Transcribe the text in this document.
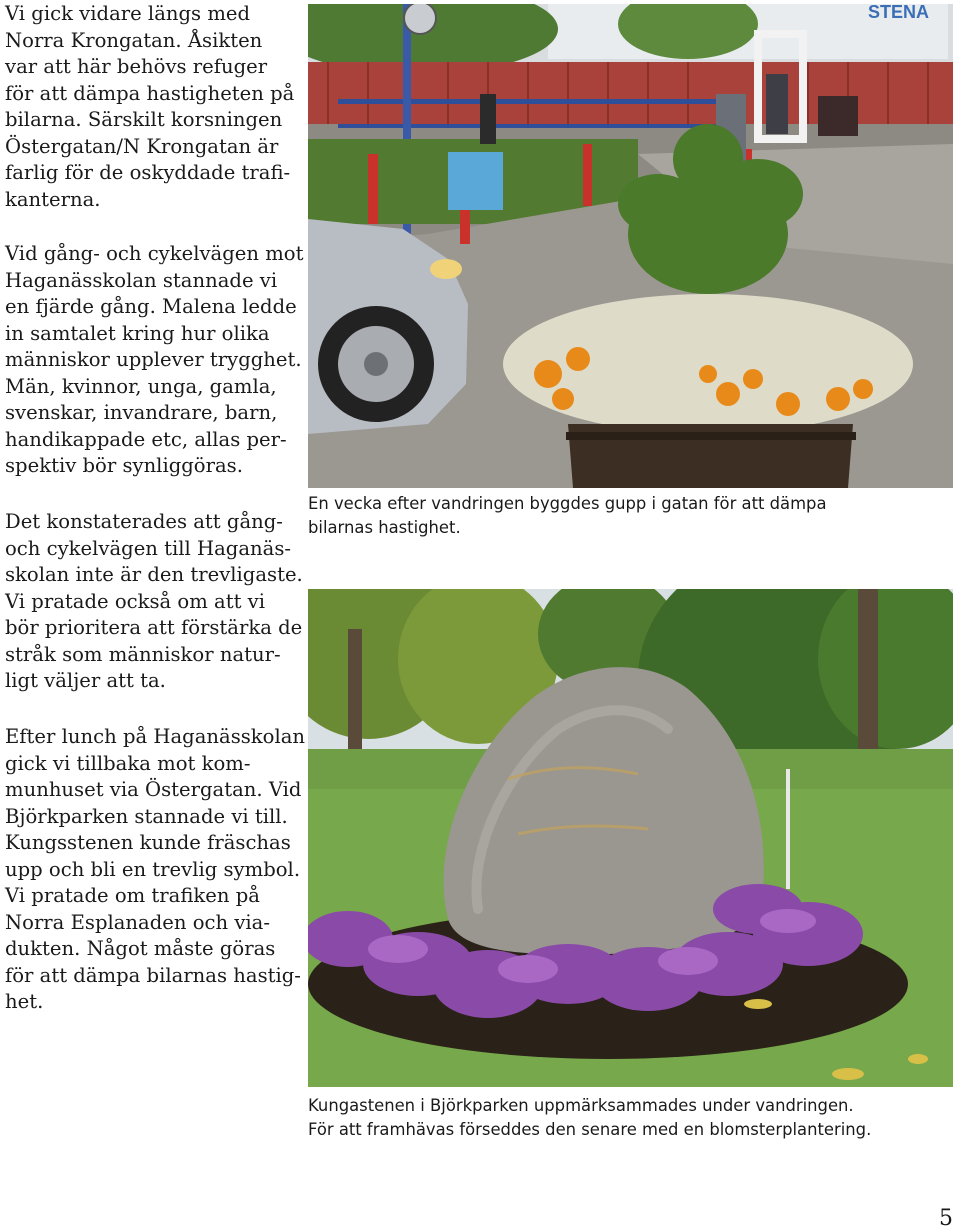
Vi gick vidare längs med
Norra Krongatan. Åsikten
var att här behövs refuger
för att dämpa hastigheten på
bilarna. Särskilt korsningen
Östergatan/N Krongatan är
farlig för de oskyddade trafi-
kanterna.

Vid gång- och cykelvägen mot
Haganässkolan stannade vi
en fjärde gång. Malena ledde
in samtalet kring hur olika
människor upplever trygghet.
Män, kvinnor, unga, gamla,
svenskar, invandrare, barn,
handikappade etc, allas per-
spektiv bör synliggöras.

Det konstaterades att gång-
och cykelvägen till Haganäs-
skolan inte är den trevligaste.
Vi pratade också om att vi
bör prioritera att förstärka de
stråk som människor natur-
ligt väljer att ta.

Efter lunch på Haganässkolan
gick vi tillbaka mot kom-
munhuset via Östergatan. Vid
Björkparken stannade vi till.
Kungsstenen kunde fräschas
upp och bli en trevlig symbol.
Vi pratade om trafiken på
Norra Esplanaden och via-
dukten. Något måste göras
för att dämpa bilarnas hastig-
het.

STENA
En vecka efter vandringen byggdes gupp i gatan för att dämpa
bilarnas hastighet.
Kungastenen i Björkparken uppmärksammades under vandringen.
För att framhävas förseddes den senare med en blomsterplantering.
5
